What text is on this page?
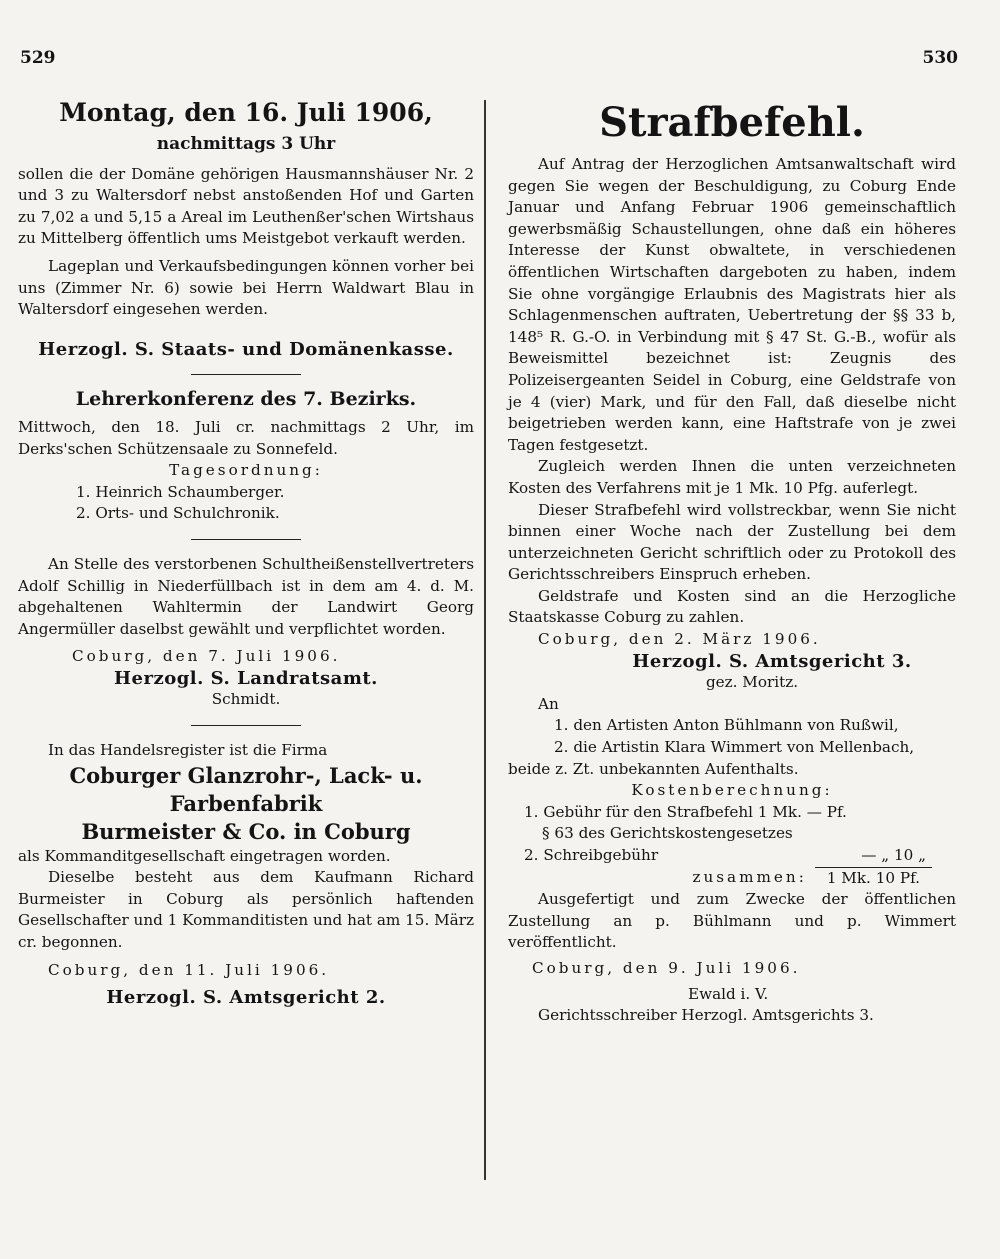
529	530
Montag, den 16. Juli 1906,
nachmittags 3 Uhr

sollen die der Domäne gehörigen Hausmannshäuser Nr. 2 und 3 zu Waltersdorf nebst anstoßenden Hof und Garten zu 7,02 a und 5,15 a Areal im Leuthenßer'schen Wirtshaus zu Mittelberg öffentlich ums Meistgebot verkauft werden.

Lageplan und Verkaufsbedingungen können vorher bei uns (Zimmer Nr. 6) sowie bei Herrn Waldwart Blau in Waltersdorf eingesehen werden.

Herzogl. S. Staats- und Domänenkasse.
Lehrerkonferenz des 7. Bezirks.

Mittwoch, den 18. Juli cr. nachmittags 2 Uhr, im Derks'schen Schützensaale zu Sonnefeld.

Tagesordnung:
1. Heinrich Schaumberger.
2. Orts- und Schulchronik.

An Stelle des verstorbenen Schultheißenstellvertreters Adolf Schillig in Niederfüllbach ist in dem am 4. d. M. abgehaltenen Wahltermin der Landwirt Georg Angermüller daselbst gewählt und verpflichtet worden.

Coburg, den 7. Juli 1906.
Herzogl. S. Landratsamt.
Schmidt.

In das Handelsregister ist die Firma

Coburger Glanzrohr-, Lack- u. Farbenfabrik
Burmeister & Co. in Coburg

als Kommanditgesellschaft eingetragen worden.

Dieselbe besteht aus dem Kaufmann Richard Burmeister in Coburg als persönlich haftenden Gesellschafter und 1 Kommanditisten und hat am 15. März cr. begonnen.

Coburg, den 11. Juli 1906.
Herzogl. S. Amtsgericht 2.
Strafbefehl.

Auf Antrag der Herzoglichen Amtsanwaltschaft wird gegen Sie wegen der Beschuldigung, zu Coburg Ende Januar und Anfang Februar 1906 gemeinschaftlich gewerbsmäßig Schaustellungen, ohne daß ein höheres Interesse der Kunst obwaltete, in verschiedenen öffentlichen Wirtschaften dargeboten zu haben, indem Sie ohne vorgängige Erlaubnis des Magistrats hier als Schlagenmenschen auftraten, Uebertretung der §§ 33 b, 148⁵ R. G.-O. in Verbindung mit § 47 St. G.-B., wofür als Beweismittel bezeichnet ist: Zeugnis des Polizeisergeanten Seidel in Coburg, eine Geldstrafe von je 4 (vier) Mark, und für den Fall, daß dieselbe nicht beigetrieben werden kann, eine Haftstrafe von je zwei Tagen festgesetzt.

Zugleich werden Ihnen die unten verzeichneten Kosten des Verfahrens mit je 1 Mk. 10 Pfg. auferlegt.

Dieser Strafbefehl wird vollstreckbar, wenn Sie nicht binnen einer Woche nach der Zustellung bei dem unterzeichneten Gericht schriftlich oder zu Protokoll des Gerichtsschreibers Einspruch erheben.

Geldstrafe und Kosten sind an die Herzogliche Staatskasse Coburg zu zahlen.

Coburg, den 2. März 1906.
Herzogl. S. Amtsgericht 3.
gez. Moritz.
An
1. den Artisten Anton Bühlmann von Rußwil,
2. die Artistin Klara Wimmert von Mellenbach,
beide z. Zt. unbekannten Aufenthalts.
Kostenberechnung:
1. Gebühr für den Strafbefehl 1 Mk. — Pf.
§ 63 des Gerichtskostengesetzes
2. Schreibgebühr	— „ 10 „
zusammen:	1 Mk. 10 Pf.

Ausgefertigt und zum Zwecke der öffentlichen Zustellung an p. Bühlmann und p. Wimmert veröffentlicht.

Coburg, den 9. Juli 1906.
Ewald i. V.
Gerichtsschreiber Herzogl. Amtsgerichts 3.
